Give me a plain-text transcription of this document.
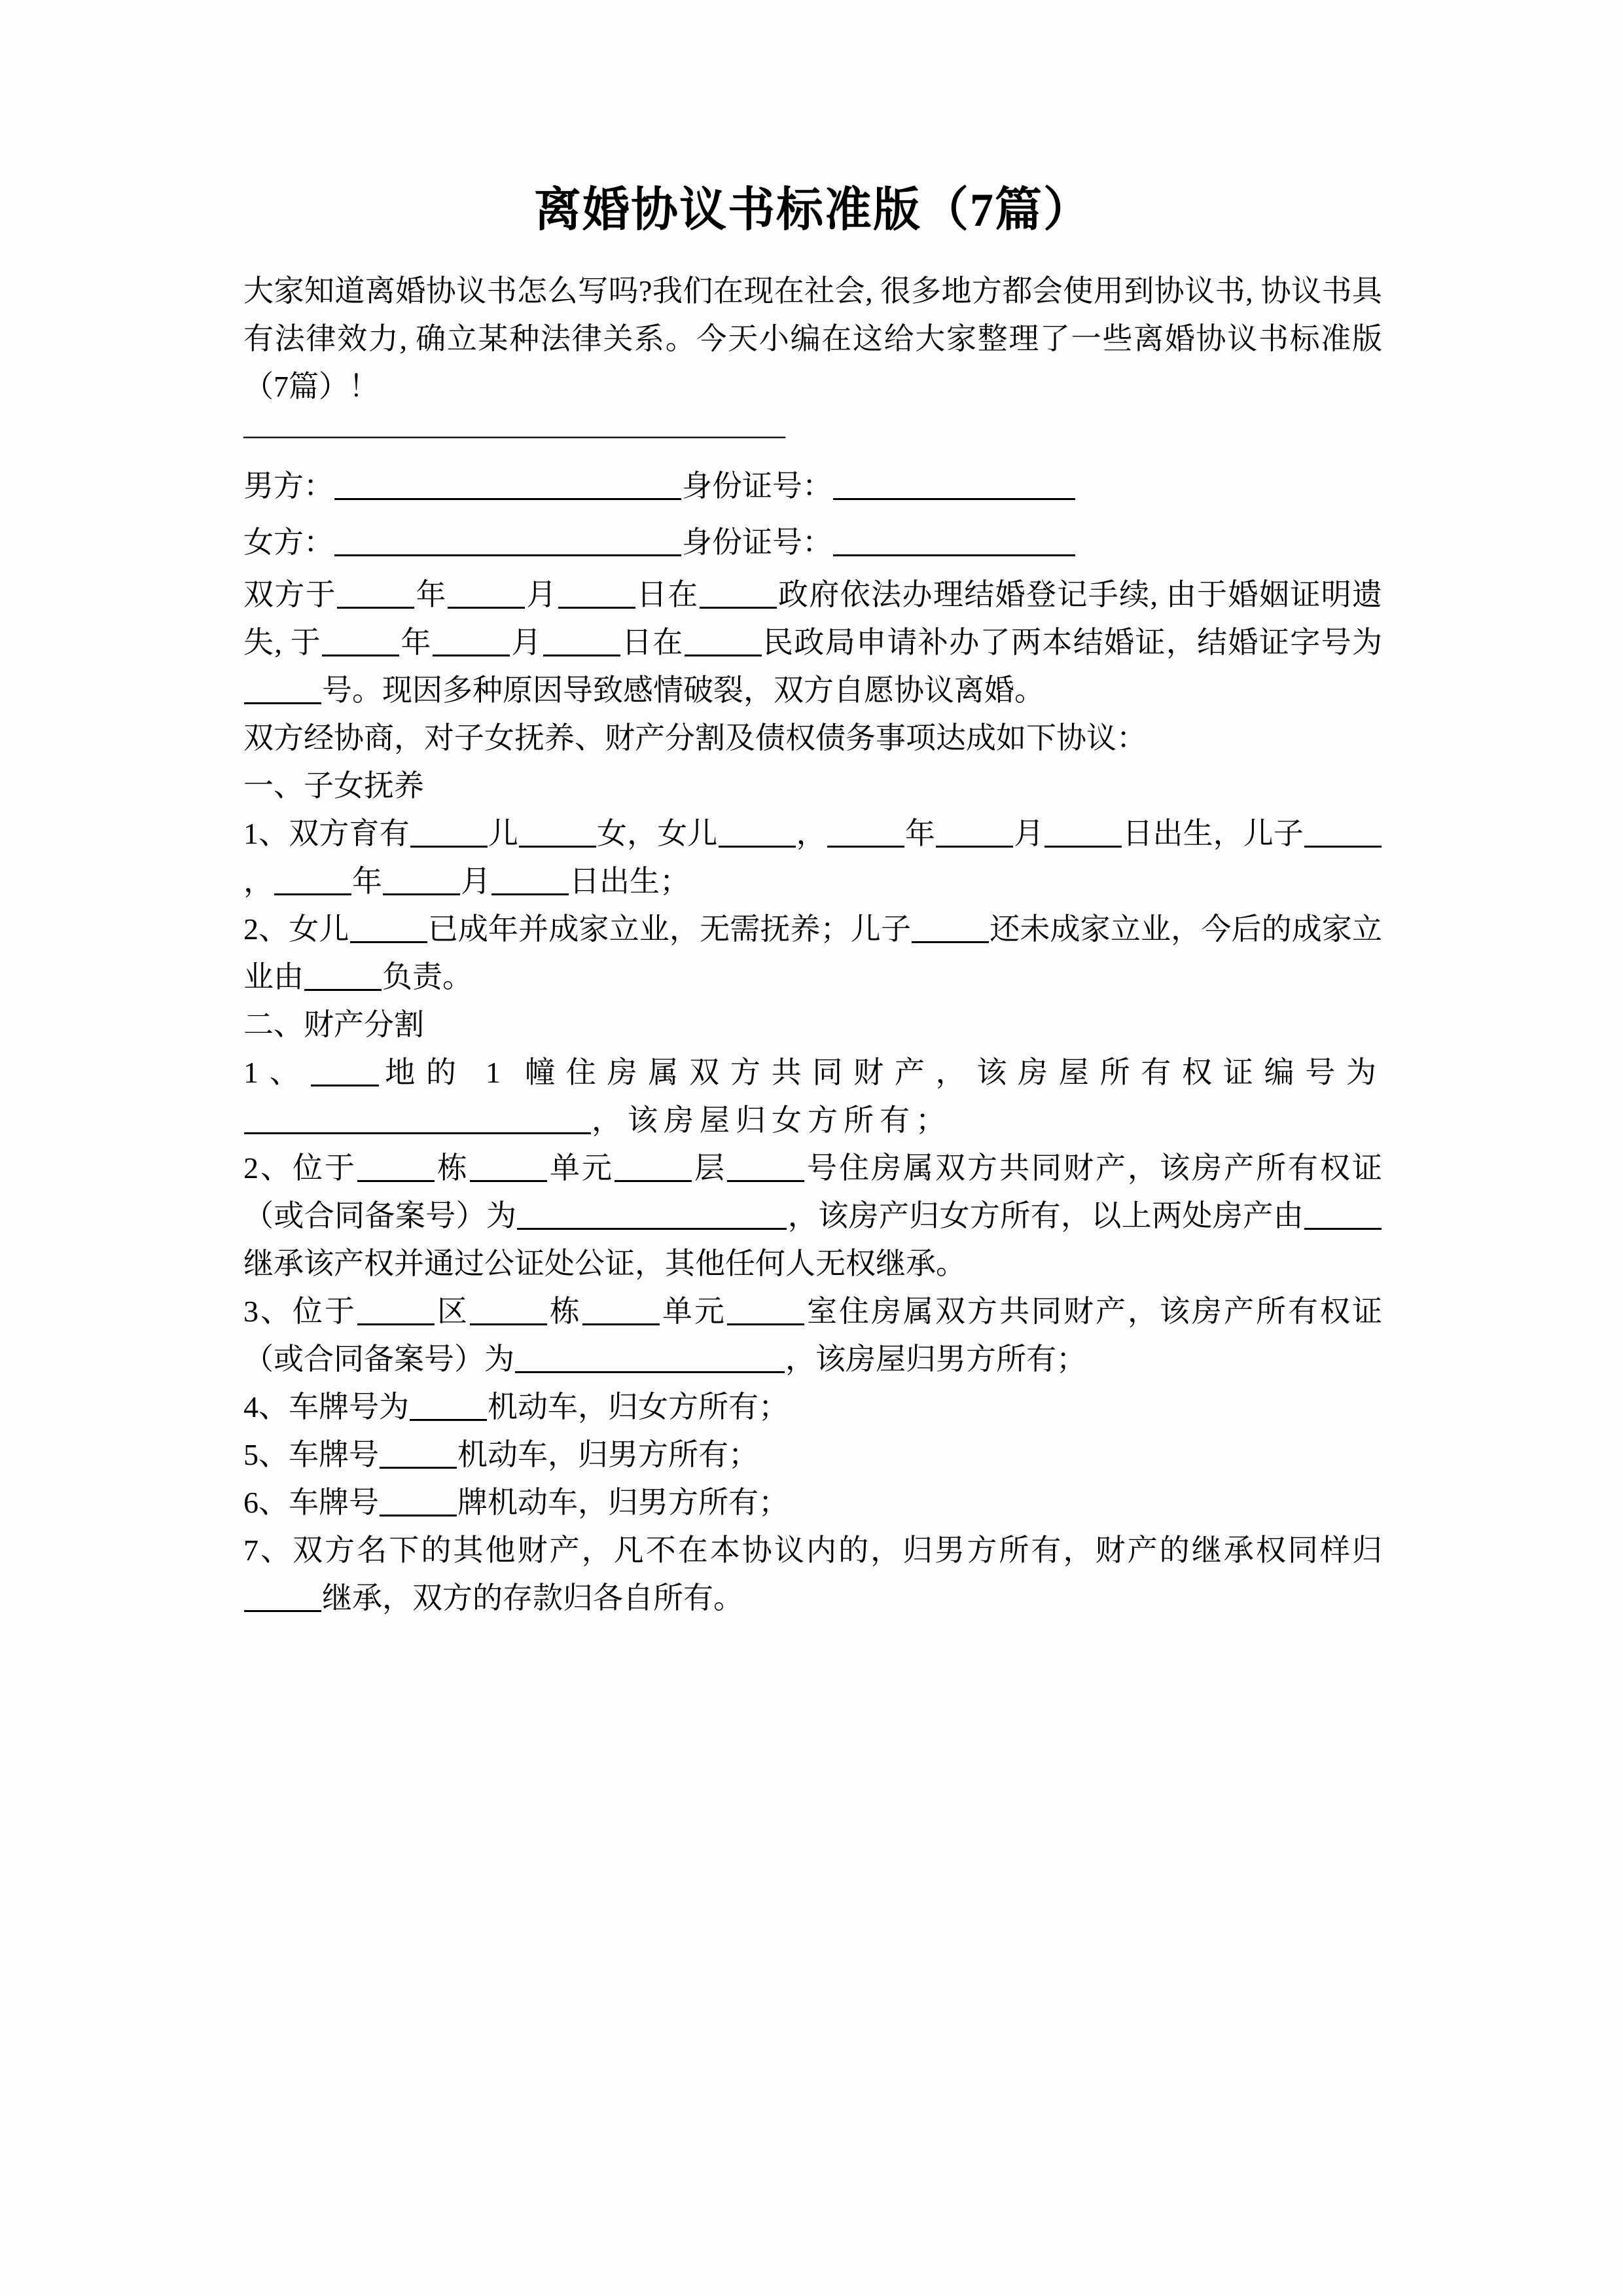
离婚协议书标准版（7篇）

大家知道离婚协议书怎么写吗?我们在现在社会, 很多地方都会使用到协议书, 协议书具有法律效力, 确立某种法律关系。今天小编在这给大家整理了一些离婚协议书标准版（7篇）！

——————————————————

男方：	身份证号：

女方：	身份证号：

双方于	年	月	日在	政府依法办理结婚登记手续, 由于婚姻证明遗失, 于	年	月	日在	民政局申请补办了两本结婚证，结婚证字号为号。现因多种原因导致感情破裂，双方自愿协议离婚。

双方经协商，对子女抚养、财产分割及债权债务事项达成如下协议：

一、子女抚养

1、双方育有	儿	女，女儿	，	年	月	日出生，儿子，	年	月	日出生；

2、女儿	已成年并成家立业，无需抚养；儿子	还未成家立业，今后的成家立业由	负责。

二、财产分割

1、 地的 1 幢住房属双方共同财产，该房屋所有权证编号为，该房屋归女方所有；

2、位于	栋	单元	层	号住房属双方共同财产，该房产所有权证（或合同备案号）为	，该房产归女方所有，以上两处房产由继承该产权并通过公证处公证，其他任何人无权继承。

3、位于	区	栋	单元	室住房属双方共同财产，该房产所有权证（或合同备案号）为	，该房屋归男方所有；

4、车牌号为	机动车，归女方所有；

5、车牌号	机动车，归男方所有；

6、车牌号	牌机动车，归男方所有；

7、双方名下的其他财产，凡不在本协议内的，归男方所有，财产的继承权同样归继承，双方的存款归各自所有。
